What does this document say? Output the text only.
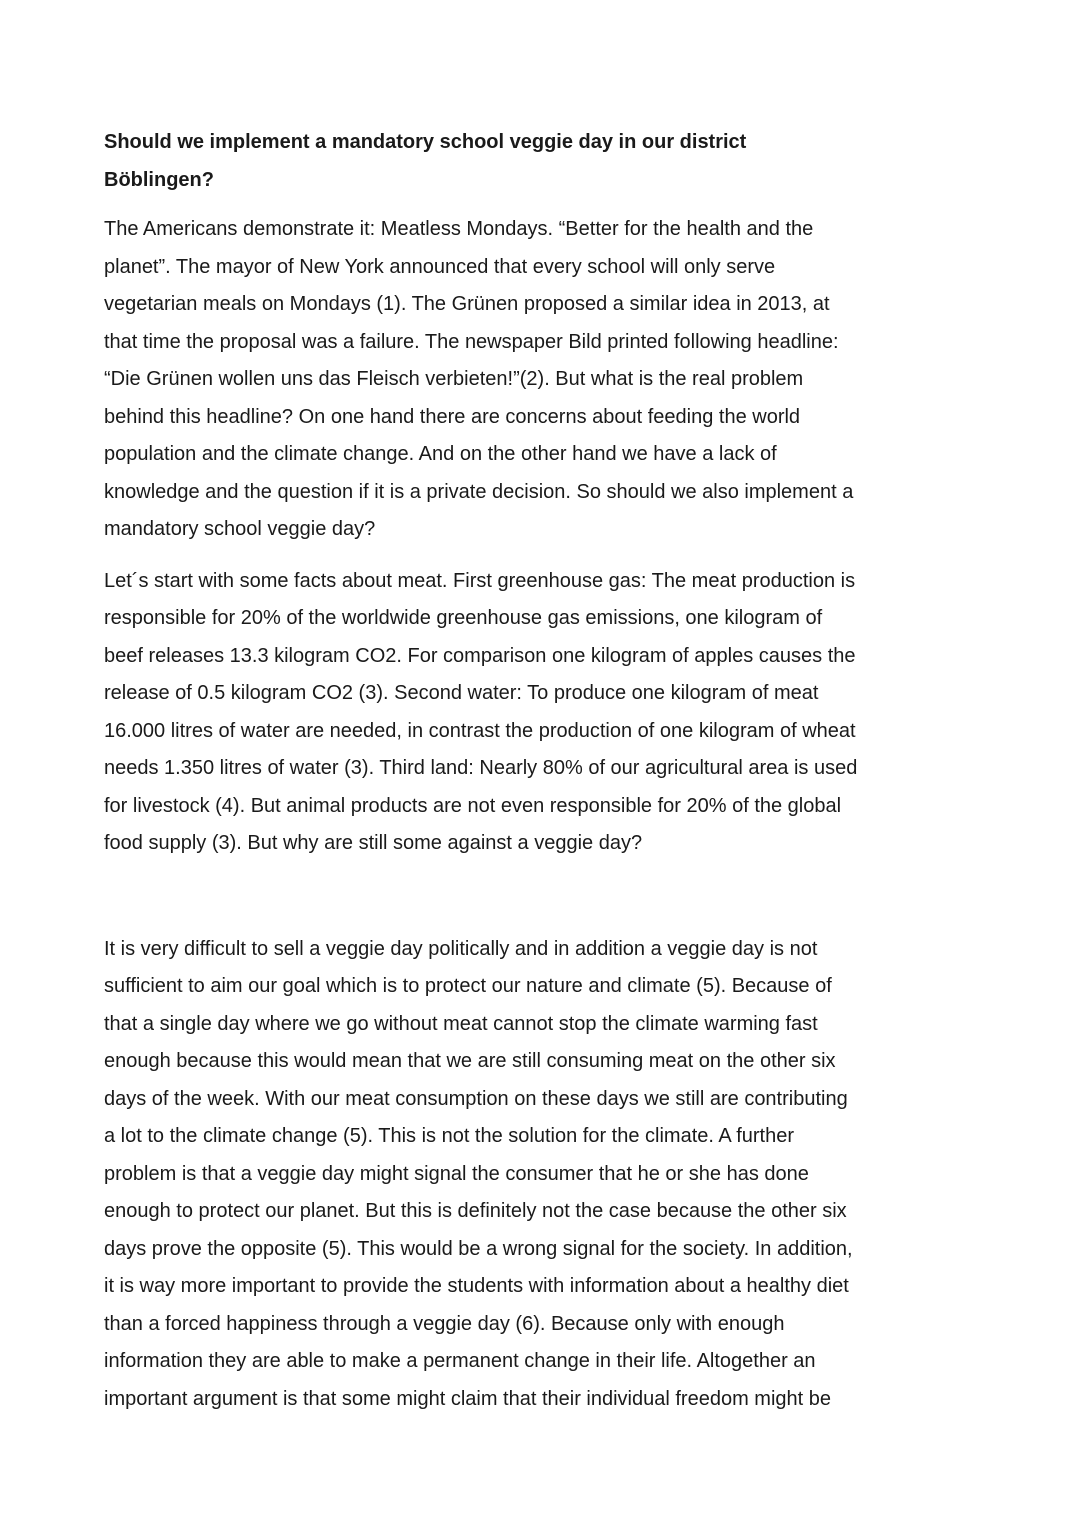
Should we implement a mandatory school veggie day in our district
Böblingen?
The Americans demonstrate it: Meatless Mondays. “Better for the health and the
planet”. The mayor of New York announced that every school will only serve
vegetarian meals on Mondays (1). The Grünen proposed a similar idea in 2013, at
that time the proposal was a failure. The newspaper Bild printed following headline:
“Die Grünen wollen uns das Fleisch verbieten!”(2). But what is the real problem
behind this headline? On one hand there are concerns about feeding the world
population and the climate change. And on the other hand we have a lack of
knowledge and the question if it is a private decision. So should we also implement a
mandatory school veggie day?
Let´s start with some facts about meat. First greenhouse gas: The meat production is
responsible for 20% of the worldwide greenhouse gas emissions, one kilogram of
beef releases 13.3 kilogram CO2. For comparison one kilogram of apples causes the
release of 0.5 kilogram CO2 (3). Second water: To produce one kilogram of meat
16.000 litres of water are needed, in contrast the production of one kilogram of wheat
needs 1.350 litres of water (3). Third land: Nearly 80% of our agricultural area is used
for livestock (4). But animal products are not even responsible for 20% of the global
food supply (3). But why are still some against a veggie day?
It is very difficult to sell a veggie day politically and in addition a veggie day is not
sufficient to aim our goal which is to protect our nature and climate (5). Because of
that a single day where we go without meat cannot stop the climate warming fast
enough because this would mean that we are still consuming meat on the other six
days of the week. With our meat consumption on these days we still are contributing
a lot to the climate change (5). This is not the solution for the climate. A further
problem is that a veggie day might signal the consumer that he or she has done
enough to protect our planet. But this is definitely not the case because the other six
days prove the opposite (5). This would be a wrong signal for the society. In addition,
it is way more important to provide the students with information about a healthy diet
than a forced happiness through a veggie day (6). Because only with enough
information they are able to make a permanent change in their life. Altogether an
important argument is that some might claim that their individual freedom might be
